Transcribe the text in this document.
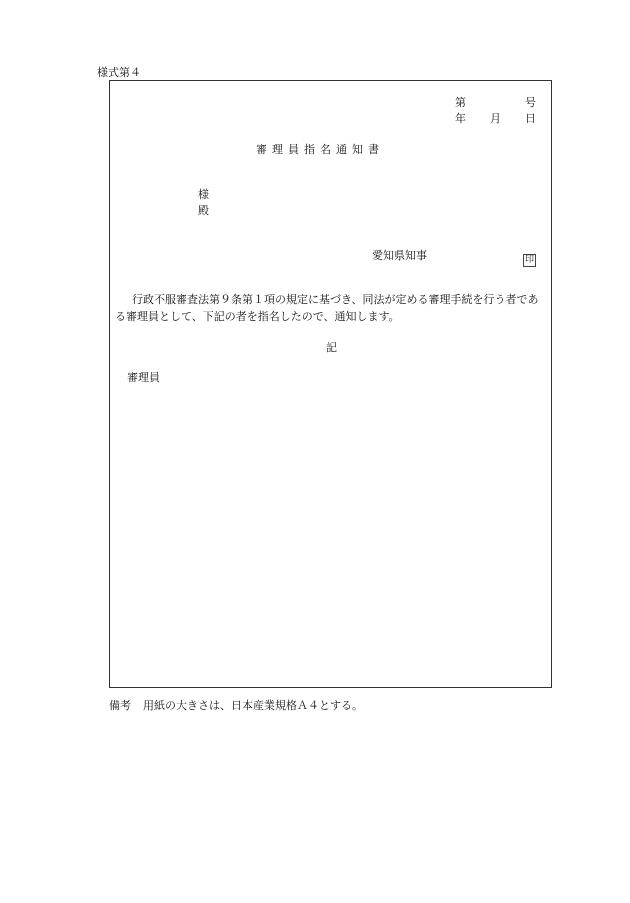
様式第４
第	号
年 月 日
審理員指名通知書
様
殿
愛知県知事	印
行政不服審査法第９条第１項の規定に基づき、同法が定める審理手続を行う者である審理員として、下記の者を指名したので、通知します。
記
審理員
備考 用紙の大きさは、日本産業規格Ａ４とする。
